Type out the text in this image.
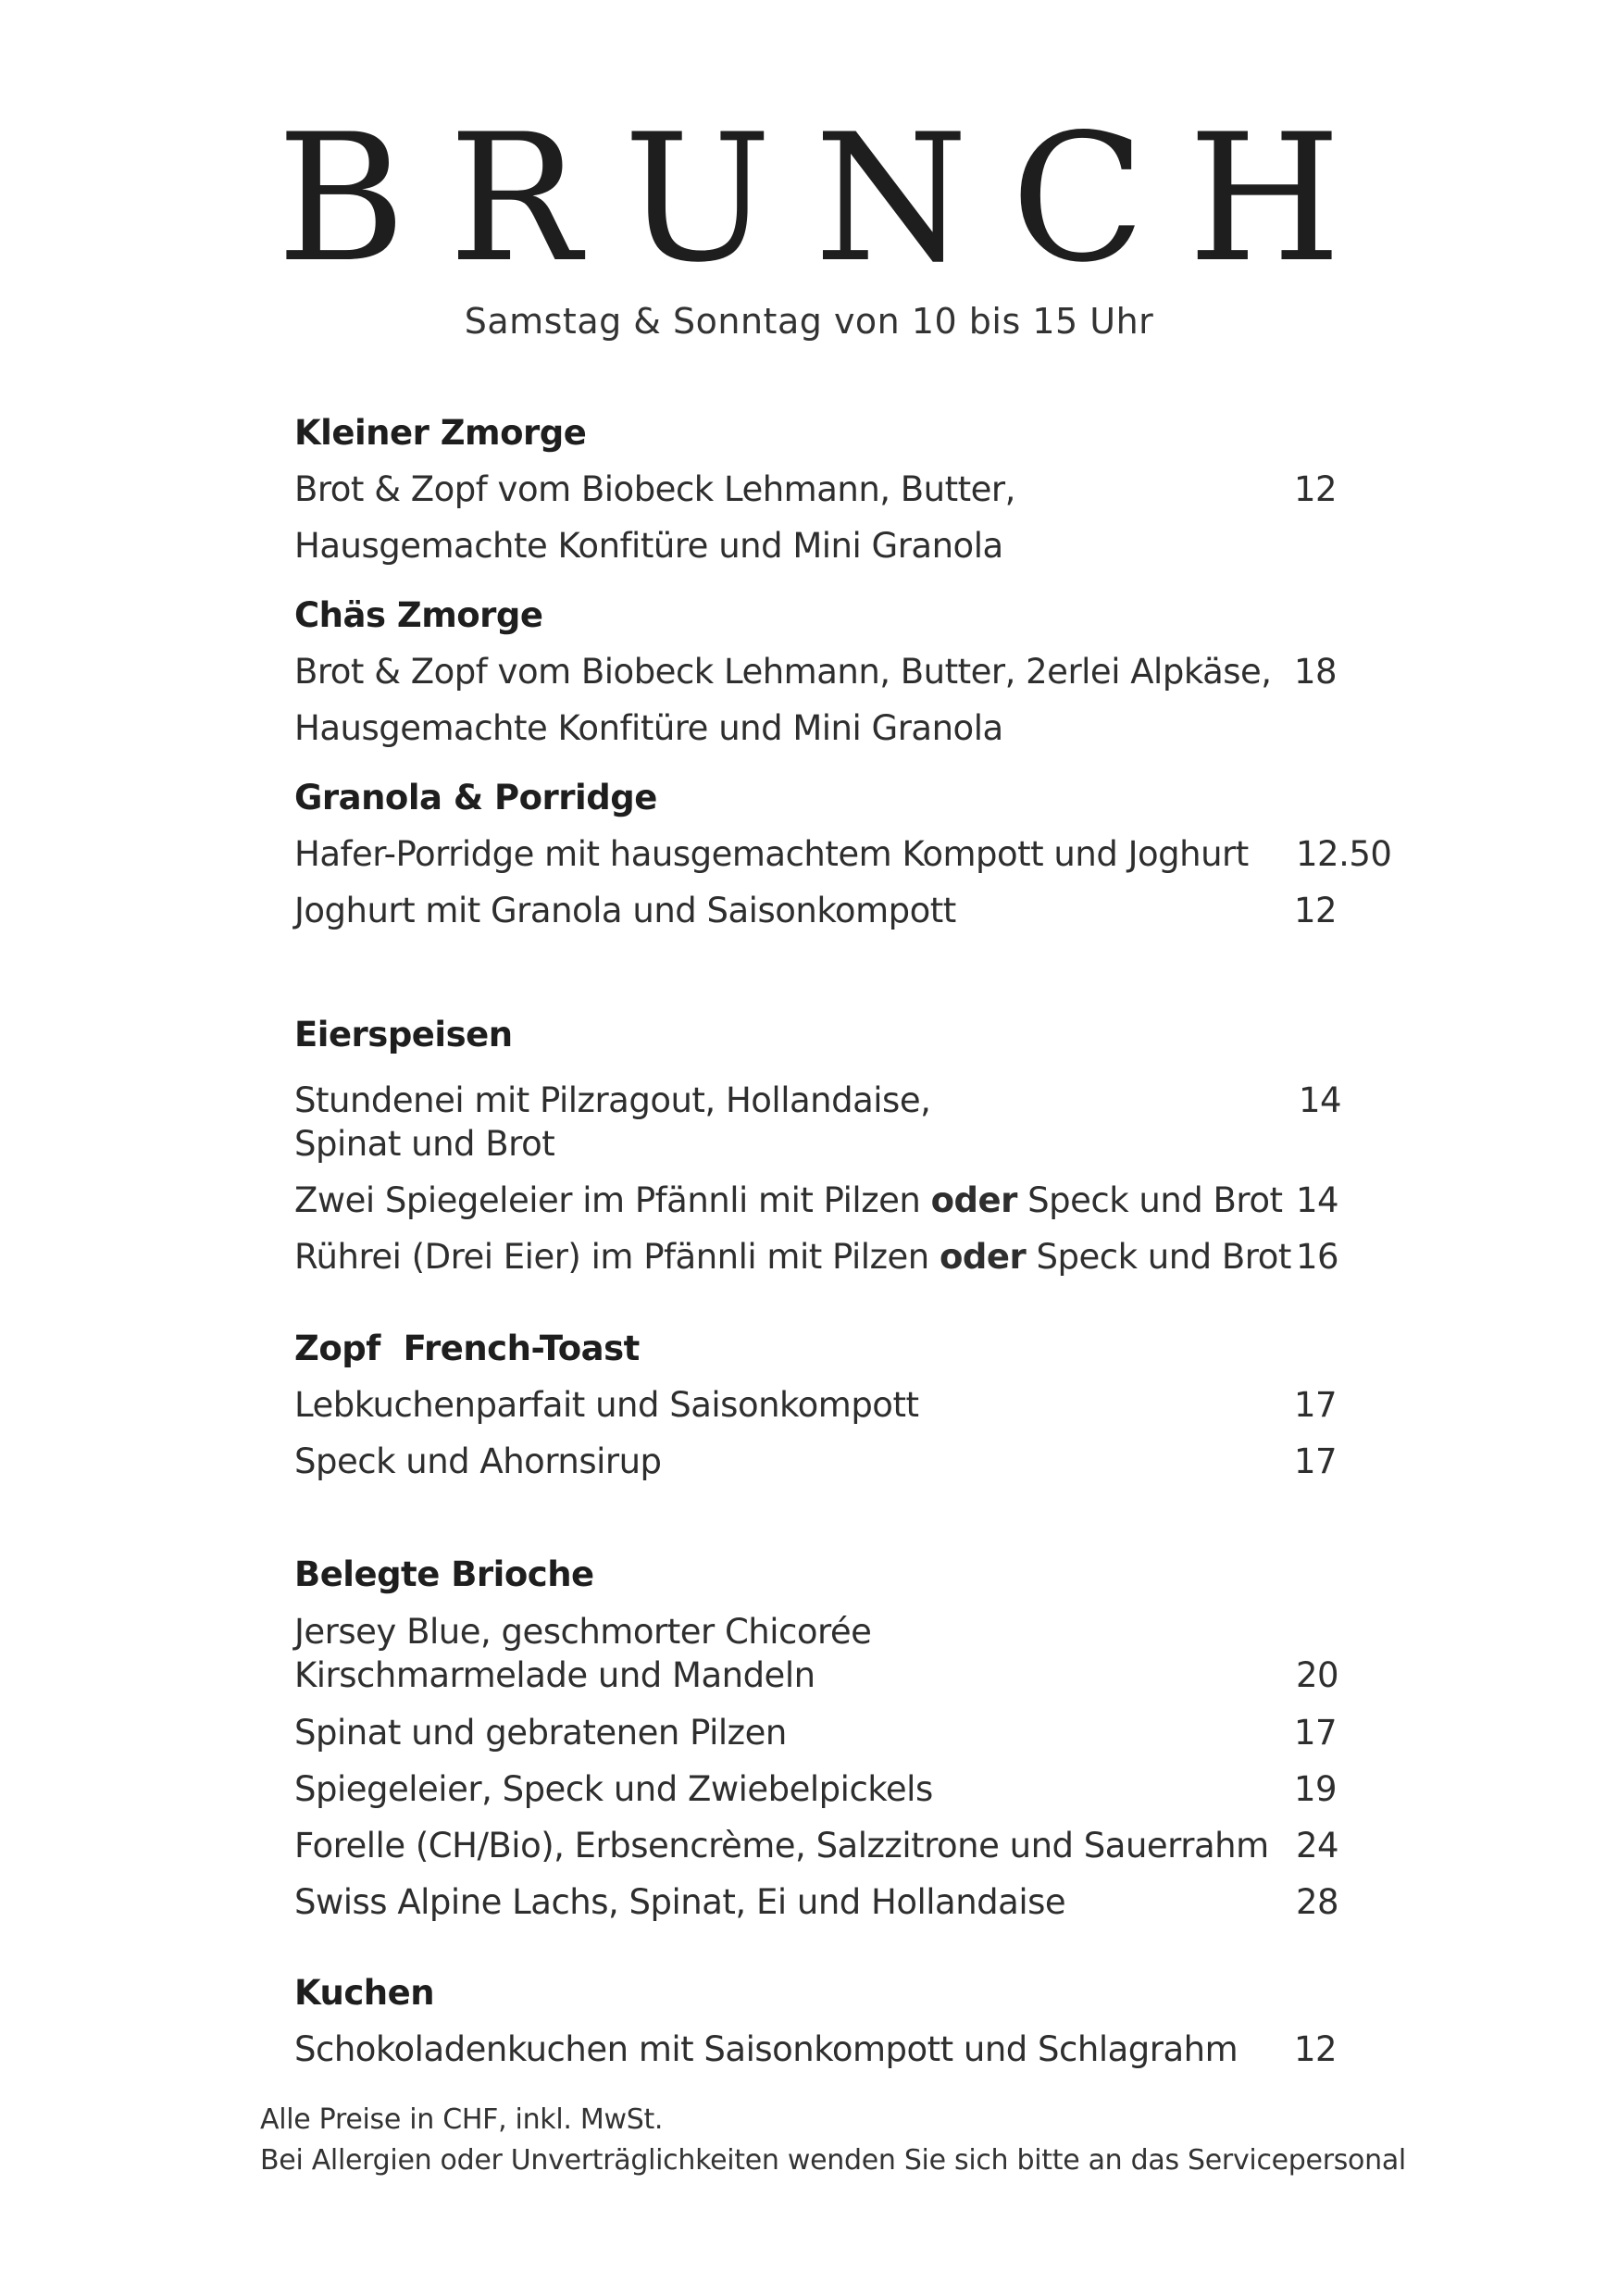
BRUNCH
Samstag & Sonntag von 10 bis 15 Uhr
Kleiner Zmorge
Brot & Zopf vom Biobeck Lehmann, Butter,	12
Hausgemachte Konfitüre und Mini Granola
Chäs Zmorge
Brot & Zopf vom Biobeck Lehmann, Butter, 2erlei Alpkäse, 18
Hausgemachte Konfitüre und Mini Granola
Granola & Porridge
Hafer-Porridge mit hausgemachtem Kompott und Joghurt 12.50
Joghurt mit Granola und Saisonkompott	12
Eierspeisen
Stundenei mit Pilzragout, Hollandaise,	14
Spinat und Brot
Zwei Spiegeleier im Pfännli mit Pilzen oder Speck und Brot 14
Rührei (Drei Eier) im Pfännli mit Pilzen oder Speck und Brot 16
Zopf  French-Toast
Lebkuchenparfait und Saisonkompott	17
Speck und Ahornsirup	17
Belegte Brioche
Jersey Blue, geschmorter Chicorée
Kirschmarmelade und Mandeln	20
Spinat und gebratenen Pilzen	17
Spiegeleier, Speck und Zwiebelpickels	19
Forelle (CH/Bio), Erbsencrème, Salzzitrone und Sauerrahm 24
Swiss Alpine Lachs, Spinat, Ei und Hollandaise	28
Kuchen
Schokoladenkuchen mit Saisonkompott und Schlagrahm 12
Alle Preise in CHF, inkl. MwSt.
Bei Allergien oder Unverträglichkeiten wenden Sie sich bitte an das Servicepersonal
